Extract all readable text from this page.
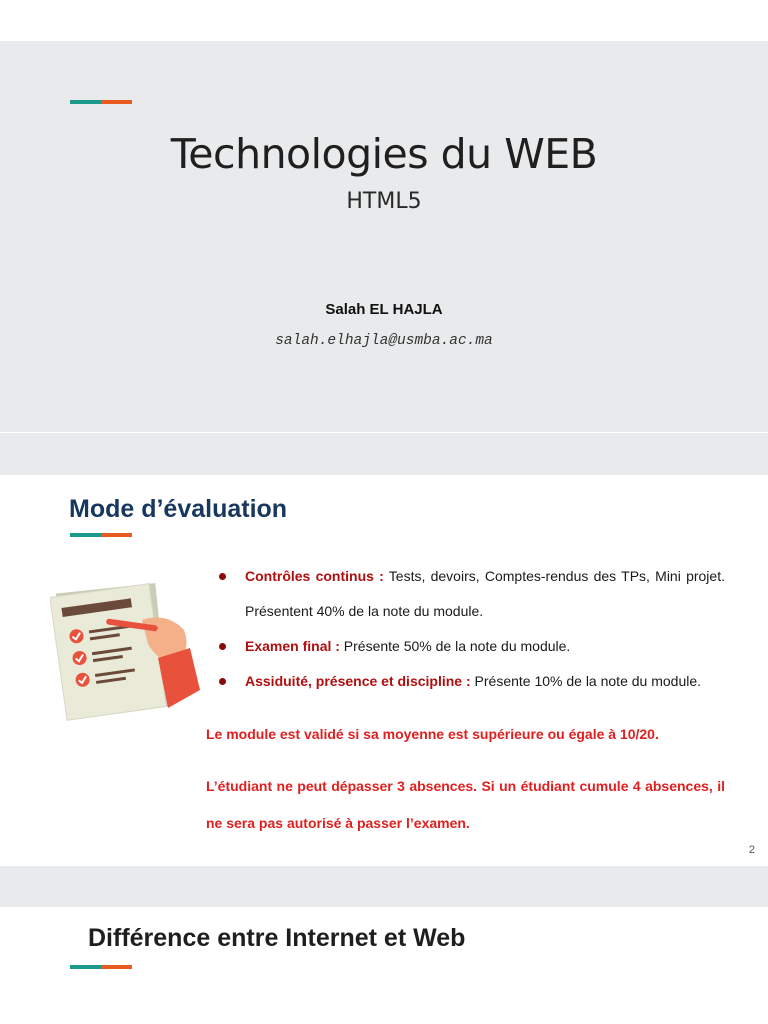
Technologies du WEB
HTML5
Salah EL HAJLA
salah.elhajla@usmba.ac.ma
Mode d’évaluation
Contrôles continus : Tests, devoirs, Comptes-rendus des TPs, Mini projet. Présentent 40% de la note du module.
Examen final : Présente 50% de la note du module.
Assiduité, présence et discipline : Présente 10% de la note du module.
Le module est validé si sa moyenne est supérieure ou égale à 10/20.
L’étudiant ne peut dépasser 3 absences. Si un étudiant cumule 4 absences, il ne sera pas autorisé à passer l’examen.
2
Différence entre Internet et Web
